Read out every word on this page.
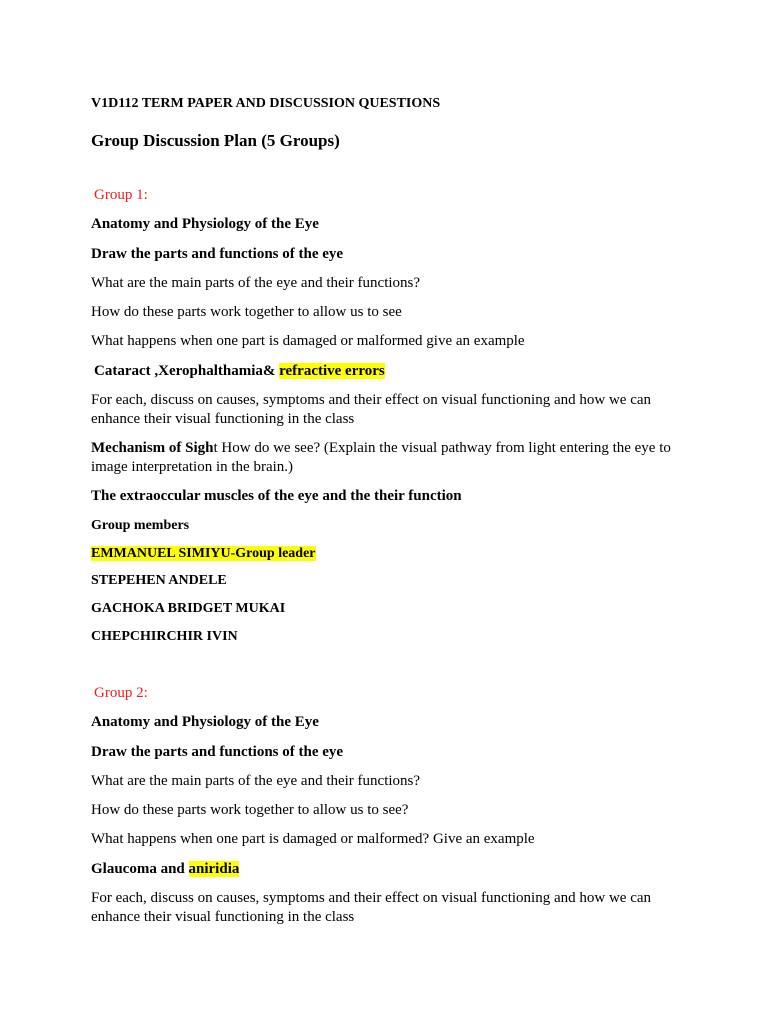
V1D112 TERM PAPER AND DISCUSSION QUESTIONS
Group Discussion Plan (5 Groups)
Group 1:
Anatomy and Physiology of the Eye
Draw the parts and functions of the eye
What are the main parts of the eye and their functions?
How do these parts work together to allow us to see
What happens when one part is damaged or malformed give an example
Cataract ,Xerophalthamia& refractive errors
For each, discuss on causes, symptoms and their effect on visual functioning and how we can enhance their visual functioning in the class
Mechanism of Sight How do we see? (Explain the visual pathway from light entering the eye to image interpretation in the brain.)
The extraoccular muscles of the eye and the their function
Group members
EMMANUEL SIMIYU-Group leader
STEPEHEN ANDELE
GACHOKA BRIDGET MUKAI
CHEPCHIRCHIR IVIN
Group 2:
Anatomy and Physiology of the Eye
Draw the parts and functions of the eye
What are the main parts of the eye and their functions?
How do these parts work together to allow us to see?
What happens when one part is damaged or malformed? Give an example
Glaucoma and aniridia
For each, discuss on causes, symptoms and their effect on visual functioning and how we can enhance their visual functioning in the class
